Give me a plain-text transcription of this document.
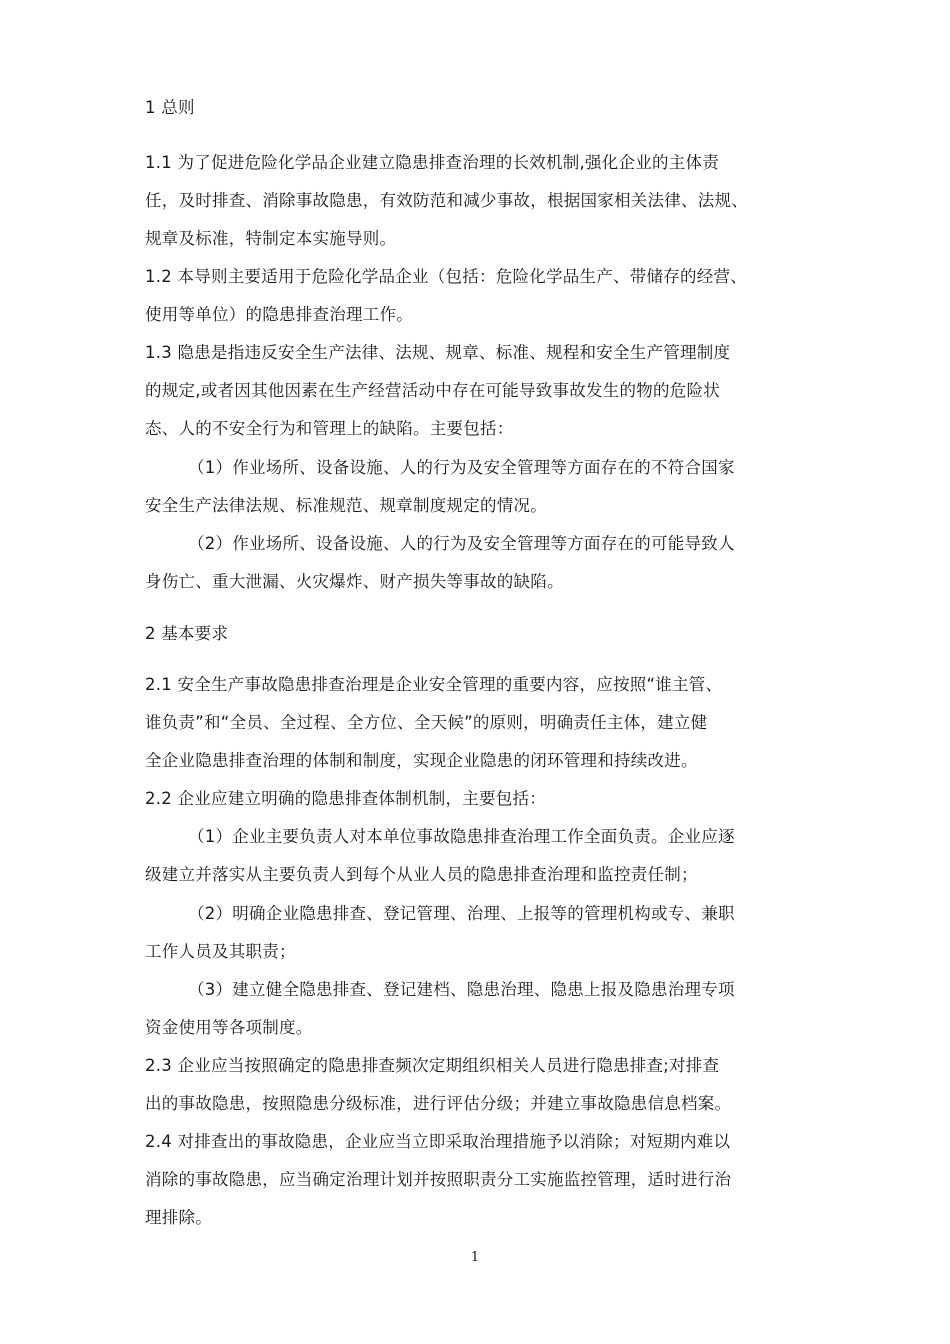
1 总则
1.1 为了促进危险化学品企业建立隐患排查治理的长效机制,强化企业的主体责
任，及时排查、消除事故隐患，有效防范和减少事故，根据国家相关法律、法规、
规章及标准，特制定本实施导则。
1.2 本导则主要适用于危险化学品企业（包括：危险化学品生产、带储存的经营、
使用等单位）的隐患排查治理工作。
1.3 隐患是指违反安全生产法律、法规、规章、标准、规程和安全生产管理制度
的规定,或者因其他因素在生产经营活动中存在可能导致事故发生的物的危险状
态、人的不安全行为和管理上的缺陷。主要包括：
（1）作业场所、设备设施、人的行为及安全管理等方面存在的不符合国家
安全生产法律法规、标准规范、规章制度规定的情况。
（2）作业场所、设备设施、人的行为及安全管理等方面存在的可能导致人
身伤亡、重大泄漏、火灾爆炸、财产损失等事故的缺陷。
2 基本要求
2.1 安全生产事故隐患排查治理是企业安全管理的重要内容，应按照“谁主管、
谁负责”和“全员、全过程、全方位、全天候”的原则，明确责任主体，建立健
全企业隐患排查治理的体制和制度，实现企业隐患的闭环管理和持续改进。
2.2 企业应建立明确的隐患排查体制机制，主要包括：
（1）企业主要负责人对本单位事故隐患排查治理工作全面负责。企业应逐
级建立并落实从主要负责人到每个从业人员的隐患排查治理和监控责任制；
（2）明确企业隐患排查、登记管理、治理、上报等的管理机构或专、兼职
工作人员及其职责；
（3）建立健全隐患排查、登记建档、隐患治理、隐患上报及隐患治理专项
资金使用等各项制度。
2.3 企业应当按照确定的隐患排查频次定期组织相关人员进行隐患排查;对排查
出的事故隐患，按照隐患分级标准，进行评估分级；并建立事故隐患信息档案。
2.4 对排查出的事故隐患，企业应当立即采取治理措施予以消除；对短期内难以
消除的事故隐患，应当确定治理计划并按照职责分工实施监控管理，适时进行治
理排除。
1
